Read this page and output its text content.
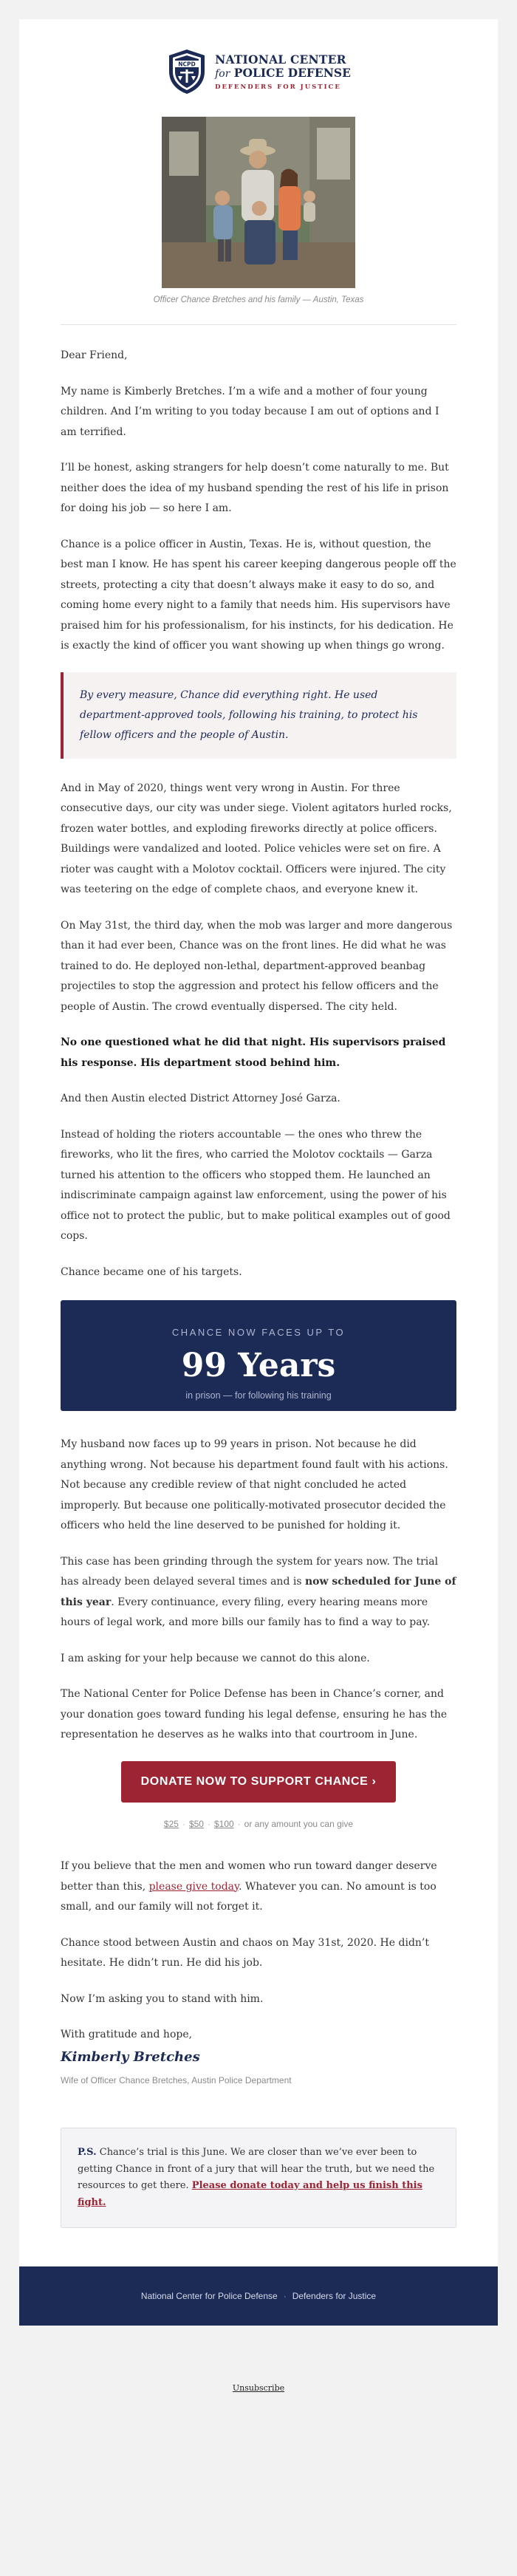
NCPD NATIONAL CENTER
for POLICE DEFENSE
DEFENDERS FOR JUSTICE
Officer Chance Bretches and his family — Austin, Texas

Dear Friend,

My name is Kimberly Bretches. I’m a wife and a mother of four young children. And I’m writing to you today because I am out of options and I am terrified.

I’ll be honest, asking strangers for help doesn’t come naturally to me. But neither does the idea of my husband spending the rest of his life in prison for doing his job — so here I am.

Chance is a police officer in Austin, Texas. He is, without question, the best man I know. He has spent his career keeping dangerous people off the streets, protecting a city that doesn’t always make it easy to do so, and coming home every night to a family that needs him. His supervisors have praised him for his professionalism, for his instincts, for his dedication. He is exactly the kind of officer you want showing up when things go wrong.

By every measure, Chance did everything right. He used department-approved tools, following his training, to protect his fellow officers and the people of Austin.

And in May of 2020, things went very wrong in Austin. For three consecutive days, our city was under siege. Violent agitators hurled rocks, frozen water bottles, and exploding fireworks directly at police officers. Buildings were vandalized and looted. Police vehicles were set on fire. A rioter was caught with a Molotov cocktail. Officers were injured. The city was teetering on the edge of complete chaos, and everyone knew it.

On May 31st, the third day, when the mob was larger and more dangerous than it had ever been, Chance was on the front lines. He did what he was trained to do. He deployed non-lethal, department-approved beanbag projectiles to stop the aggression and protect his fellow officers and the people of Austin. The crowd eventually dispersed. The city held.

No one questioned what he did that night. His supervisors praised his response. His department stood behind him.

And then Austin elected District Attorney José Garza.

Instead of holding the rioters accountable — the ones who threw the fireworks, who lit the fires, who carried the Molotov cocktails — Garza turned his attention to the officers who stopped them. He launched an indiscriminate campaign against law enforcement, using the power of his office not to protect the public, but to make political examples out of good cops.

Chance became one of his targets.

CHANCE NOW FACES UP TO
99 Years
in prison — for following his training

My husband now faces up to 99 years in prison. Not because he did anything wrong. Not because his department found fault with his actions. Not because any credible review of that night concluded he acted improperly. But because one politically-motivated prosecutor decided the officers who held the line deserved to be punished for holding it.

This case has been grinding through the system for years now. The trial has already been delayed several times and is now scheduled for June of this year. Every continuance, every filing, every hearing means more hours of legal work, and more bills our family has to find a way to pay.

I am asking for your help because we cannot do this alone.

The National Center for Police Defense has been in Chance’s corner, and your donation goes toward funding his legal defense, ensuring he has the representation he deserves as he walks into that courtroom in June.

DONATE NOW TO SUPPORT CHANCE ›
$25 · $50 · $100 · or any amount you can give

If you believe that the men and women who run toward danger deserve better than this, please give today. Whatever you can. No amount is too small, and our family will not forget it.

Chance stood between Austin and chaos on May 31st, 2020. He didn’t hesitate. He didn’t run. He did his job.

Now I’m asking you to stand with him.

With gratitude and hope,
Kimberly Bretches
Wife of Officer Chance Bretches, Austin Police Department
P.S. Chance’s trial is this June. We are closer than we’ve ever been to getting Chance in front of a jury that will hear the truth, but we need the resources to get there. Please donate today and help us finish this fight.
National Center for Police Defense · Defenders for Justice
Unsubscribe
